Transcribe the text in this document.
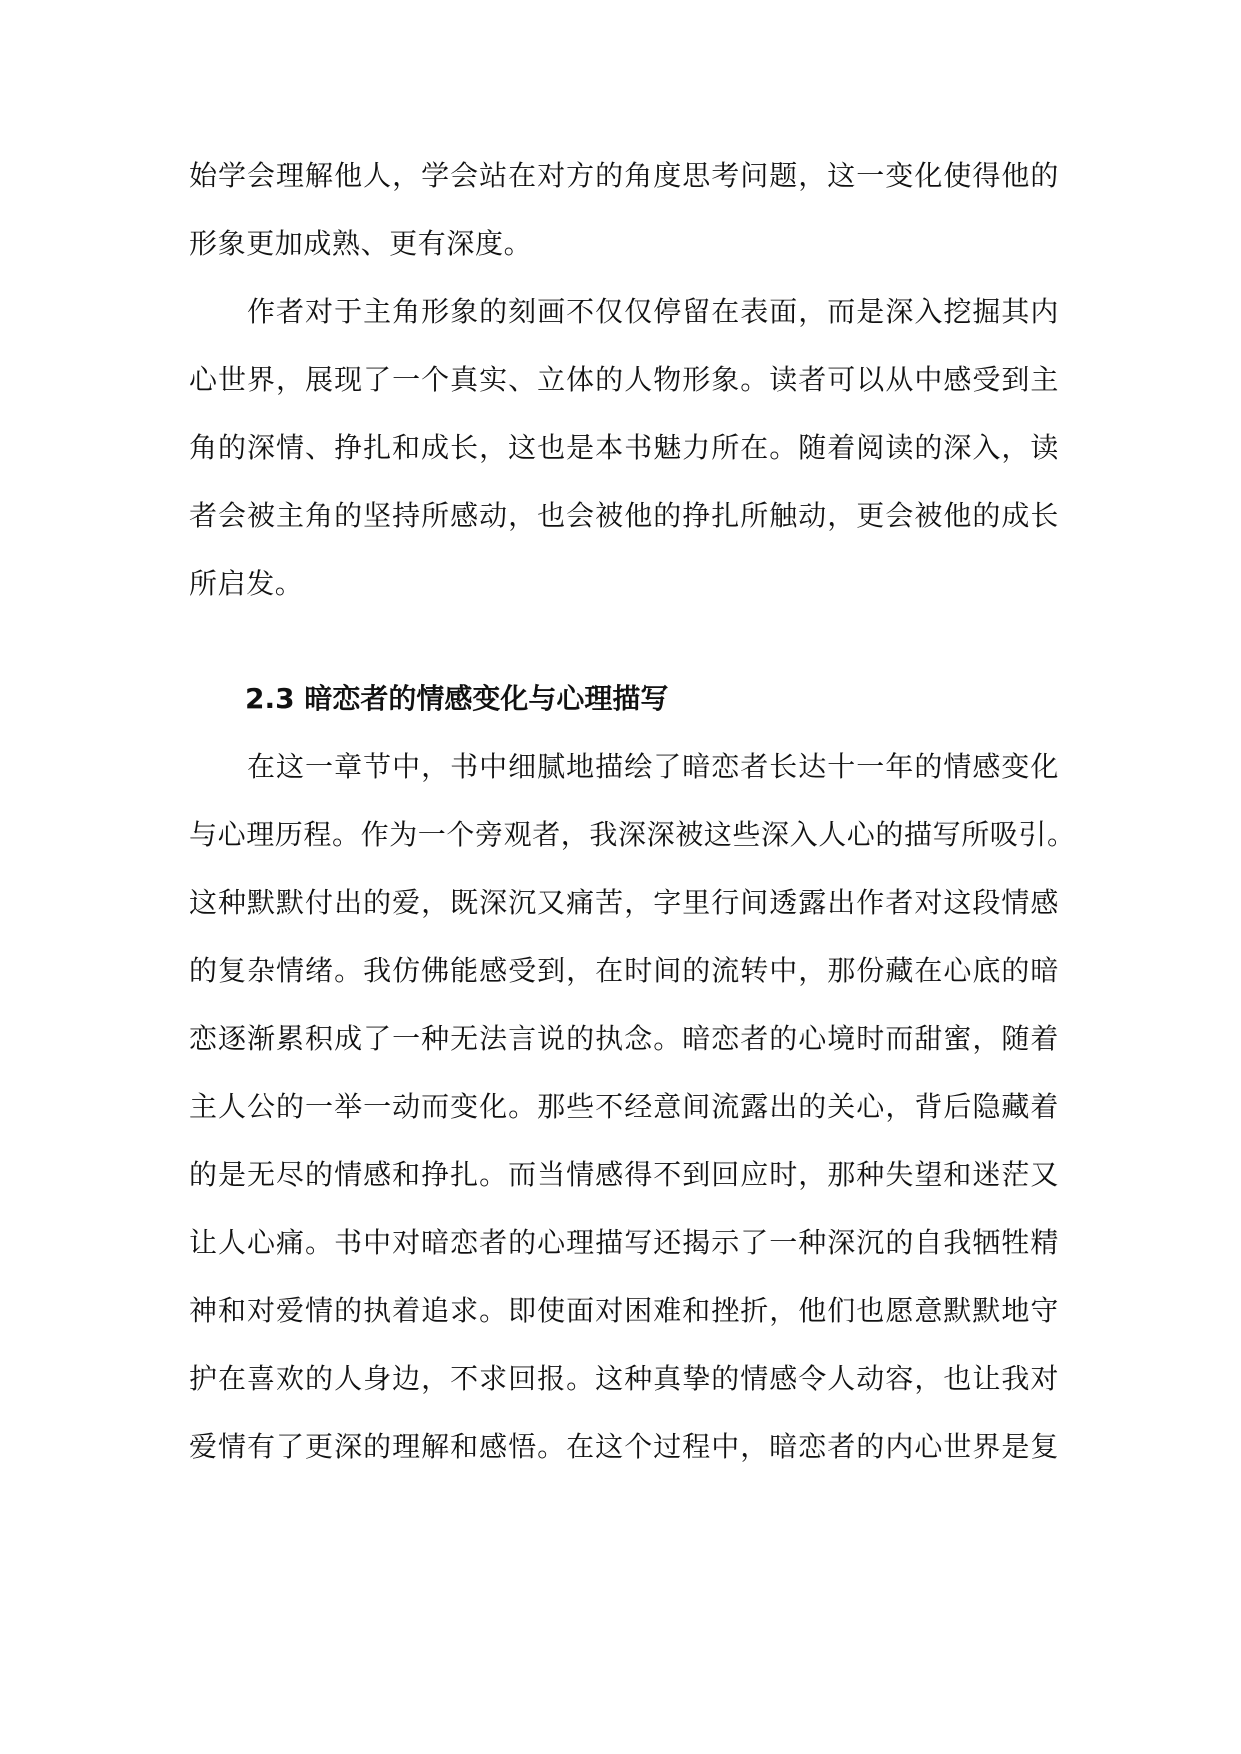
始学会理解他人，学会站在对方的角度思考问题，这一变化使得他的
形象更加成熟、更有深度。
　　作者对于主角形象的刻画不仅仅停留在表面，而是深入挖掘其内
心世界，展现了一个真实、立体的人物形象。读者可以从中感受到主
角的深情、挣扎和成长，这也是本书魅力所在。随着阅读的深入，读
者会被主角的坚持所感动，也会被他的挣扎所触动，更会被他的成长
所启发。
2.3 暗恋者的情感变化与心理描写
　　在这一章节中，书中细腻地描绘了暗恋者长达十一年的情感变化
与心理历程。作为一个旁观者，我深深被这些深入人心的描写所吸引。
这种默默付出的爱，既深沉又痛苦，字里行间透露出作者对这段情感
的复杂情绪。我仿佛能感受到，在时间的流转中，那份藏在心底的暗
恋逐渐累积成了一种无法言说的执念。暗恋者的心境时而甜蜜，随着
主人公的一举一动而变化。那些不经意间流露出的关心，背后隐藏着
的是无尽的情感和挣扎。而当情感得不到回应时，那种失望和迷茫又
让人心痛。书中对暗恋者的心理描写还揭示了一种深沉的自我牺牲精
神和对爱情的执着追求。即使面对困难和挫折，他们也愿意默默地守
护在喜欢的人身边，不求回报。这种真挚的情感令人动容，也让我对
爱情有了更深的理解和感悟。在这个过程中，暗恋者的内心世界是复
